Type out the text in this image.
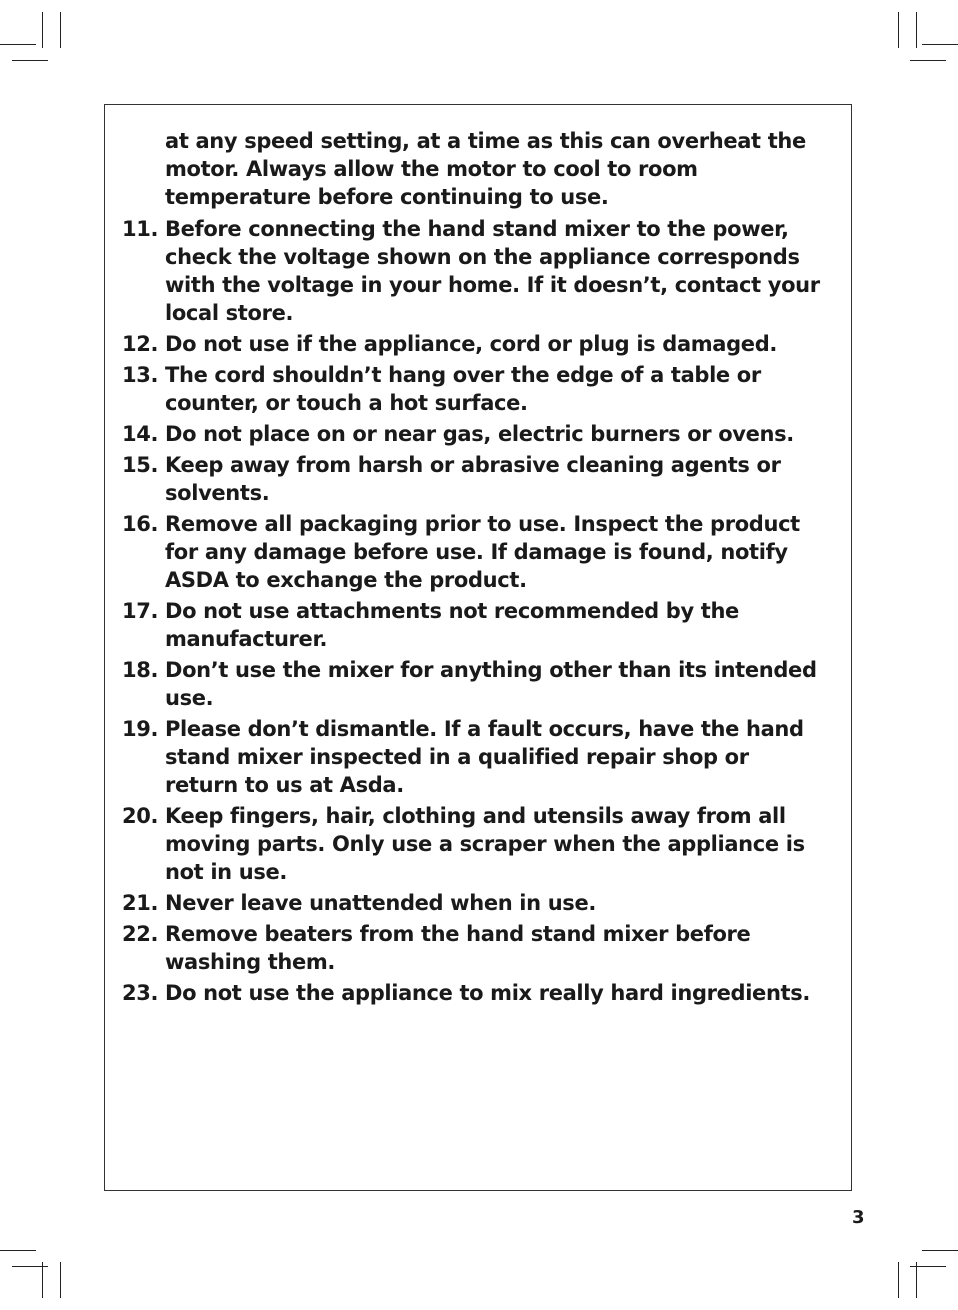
at any speed setting, at a time as this can overheat the motor. Always allow the motor to cool to room temperature before continuing to use.
11. Before connecting the hand stand mixer to the power, check the voltage shown on the appliance corresponds with the voltage in your home. If it doesn’t, contact your local store.
12. Do not use if the appliance, cord or plug is damaged.
13. The cord shouldn’t hang over the edge of a table or counter, or touch a hot surface.
14. Do not place on or near gas, electric burners or ovens.
15. Keep away from harsh or abrasive cleaning agents or solvents.
16. Remove all packaging prior to use. Inspect the product for any damage before use. If damage is found, notify ASDA to exchange the product.
17. Do not use attachments not recommended by the manufacturer.
18. Don’t use the mixer for anything other than its intended use.
19. Please don’t dismantle. If a fault occurs, have the hand stand mixer inspected in a qualified repair shop or return to us at Asda.
20. Keep fingers, hair, clothing and utensils away from all moving parts. Only use a scraper when the appliance is not in use.
21. Never leave unattended when in use.
22. Remove beaters from the hand stand mixer before washing them.
23. Do not use the appliance to mix really hard ingredients.
3
